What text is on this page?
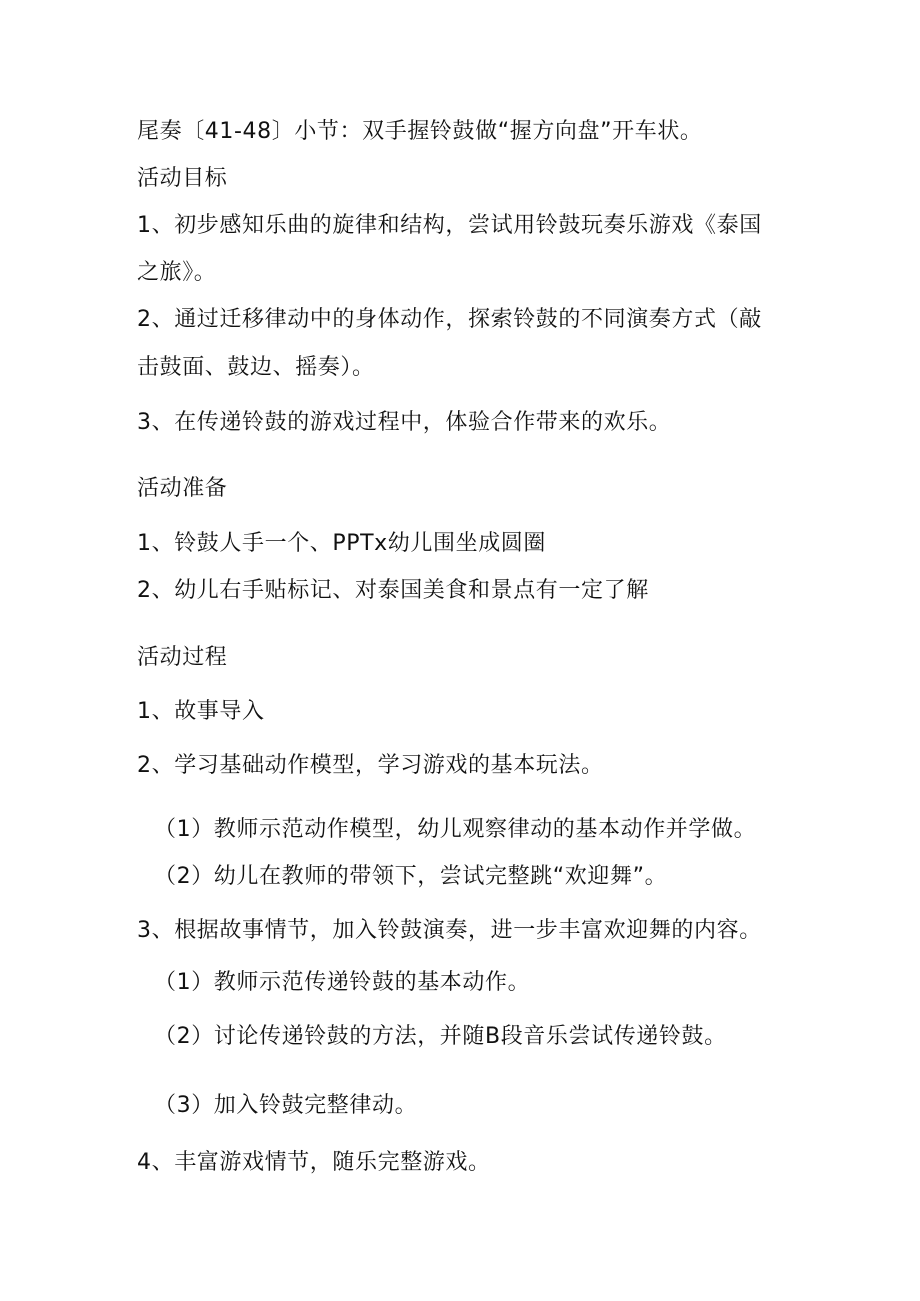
尾奏〔41-48〕小节：双手握铃鼓做“握方向盘”开车状。
活动目标
1、初步感知乐曲的旋律和结构，尝试用铃鼓玩奏乐游戏《泰国
之旅》。
2、通过迁移律动中的身体动作，探索铃鼓的不同演奏方式（敲
击鼓面、鼓边、摇奏）。
3、在传递铃鼓的游戏过程中，体验合作带来的欢乐。
活动准备
1、铃鼓人手一个、PPTx幼儿围坐成圆圈
2、幼儿右手贴标记、对泰国美食和景点有一定了解
活动过程
1、故事导入
2、学习基础动作模型，学习游戏的基本玩法。
（1）教师示范动作模型，幼儿观察律动的基本动作并学做。
（2）幼儿在教师的带领下，尝试完整跳“欢迎舞”。
3、根据故事情节，加入铃鼓演奏，进一步丰富欢迎舞的内容。
（1）教师示范传递铃鼓的基本动作。
（2）讨论传递铃鼓的方法，并随B段音乐尝试传递铃鼓。
（3）加入铃鼓完整律动。
4、丰富游戏情节，随乐完整游戏。
